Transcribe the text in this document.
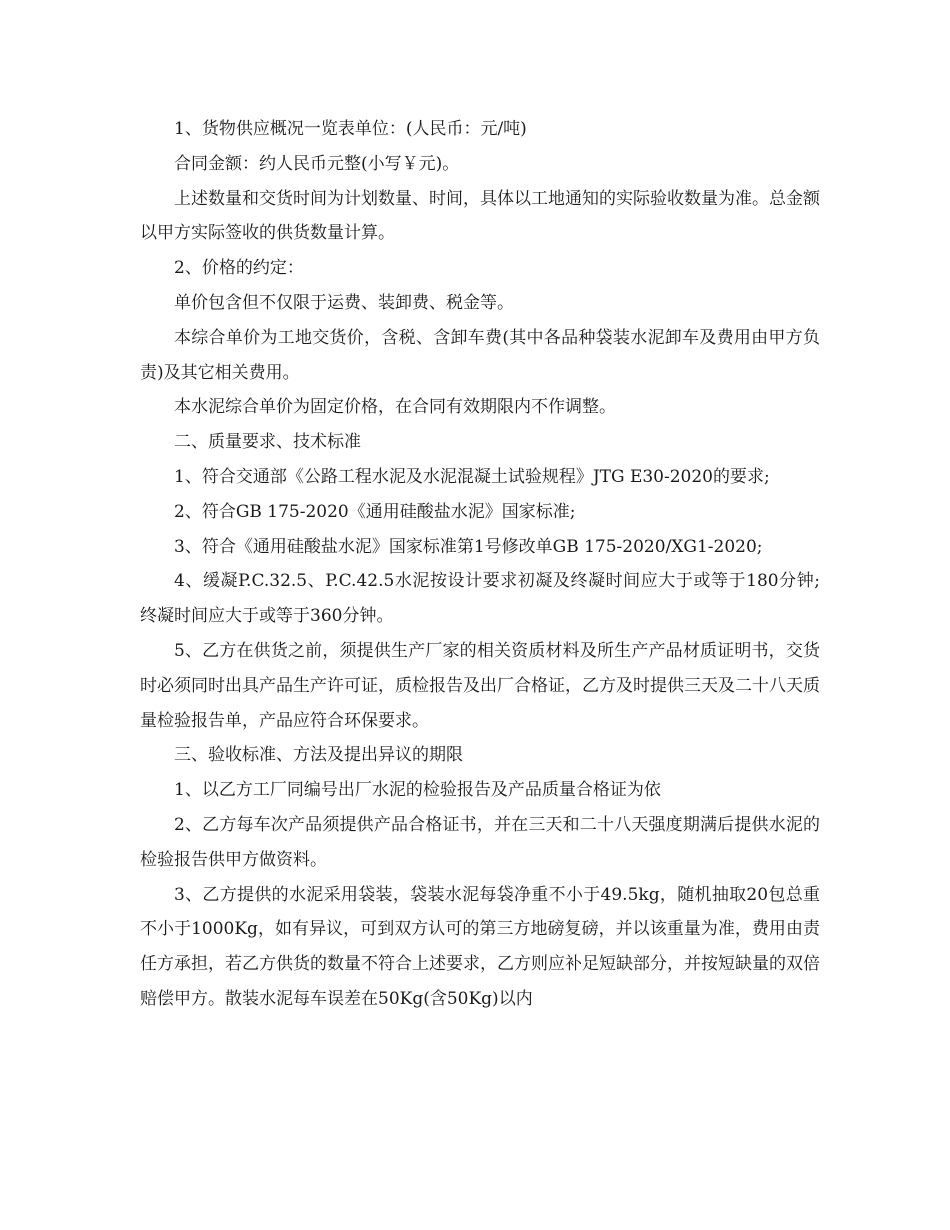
1、货物供应概况一览表单位：(人民币：元/吨)

合同金额：约人民币元整(小写￥元)。

上述数量和交货时间为计划数量、时间，具体以工地通知的实际验收数量为准。总金额以甲方实际签收的供货数量计算。

2、价格的约定：

单价包含但不仅限于运费、装卸费、税金等。

本综合单价为工地交货价，含税、含卸车费(其中各品种袋装水泥卸车及费用由甲方负责)及其它相关费用。

本水泥综合单价为固定价格，在合同有效期限内不作调整。

二、质量要求、技术标准

1、符合交通部《公路工程水泥及水泥混凝土试验规程》JTG E30-2020的要求;

2、符合GB 175-2020《通用硅酸盐水泥》国家标准;

3、符合《通用硅酸盐水泥》国家标准第1号修改单GB 175-2020/XG1-2020;

4、缓凝P.C.32.5、P.C.42.5水泥按设计要求初凝及终凝时间应大于或等于180分钟;终凝时间应大于或等于360分钟。

5、乙方在供货之前，须提供生产厂家的相关资质材料及所生产产品材质证明书，交货时必须同时出具产品生产许可证，质检报告及出厂合格证，乙方及时提供三天及二十八天质量检验报告单，产品应符合环保要求。

三、验收标准、方法及提出异议的期限

1、以乙方工厂同编号出厂水泥的检验报告及产品质量合格证为依

2、乙方每车次产品须提供产品合格证书，并在三天和二十八天强度期满后提供水泥的检验报告供甲方做资料。

3、乙方提供的水泥采用袋装，袋装水泥每袋净重不小于49.5kg，随机抽取20包总重不小于1000Kg，如有异议，可到双方认可的第三方地磅复磅，并以该重量为准，费用由责任方承担，若乙方供货的数量不符合上述要求，乙方则应补足短缺部分，并按短缺量的双倍赔偿甲方。散装水泥每车误差在50Kg(含50Kg)以内
